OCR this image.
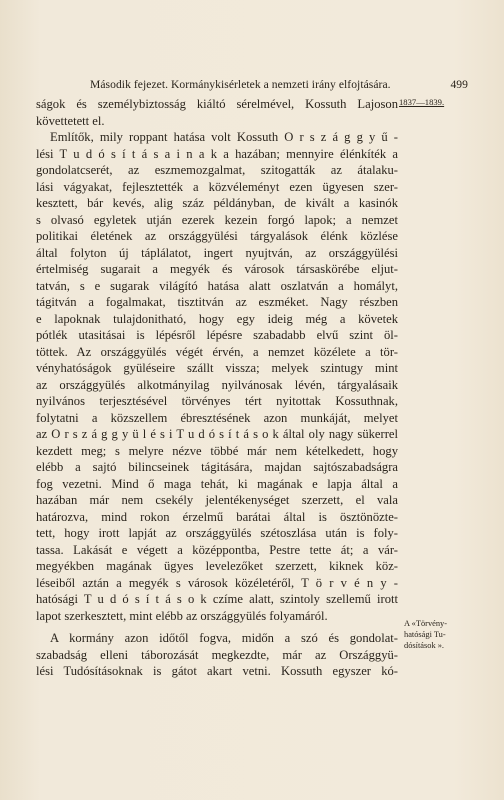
Második fejezet. Kormánykisérletek a nemzeti irány elfojtására.	499
1837—1839.
ságok és személybiztosság kiáltó sérelmével, Kossuth Lajoson
követtetett el.
Említők, mily roppant hatása volt Kossuth O r s z á g g y ű -
lési T u d ó s í t á s a i n a k a hazában; mennyire élénkíték a
gondolatcserét, az eszmemozgalmat, szitogatták az átalaku-
lási vágyakat, fejlesztették a közvéleményt ezen ügyesen szer-
kesztett, bár kevés, alig száz példányban, de kivált a kasinók
s olvasó egyletek utján ezerek kezein forgó lapok; a nemzet
politikai életének az országgyülési tárgyalások élénk közlése
által folyton új táplálatot, ingert nyujtván, az országgyülési
értelmiség sugarait a megyék és városok társaskörébe eljut-
tatván, s e sugarak világító hatása alatt oszlatván a homályt,
tágitván a fogalmakat, tisztitván az eszméket. Nagy részben
e lapoknak tulajdonitható, hogy egy ideig még a követek
pótlék utasitásai is lépésről lépésre szabadabb elvű szint öl-
töttek. Az országgyülés végét érvén, a nemzet közélete a tör-
vényhatóságok gyüléseire szállt vissza; melyek szintugy mint
az országgyülés alkotmányilag nyilvánosak lévén, tárgyalásaik
nyilvános terjesztésével törvényes tért nyitottak Kossuthnak,
folytatni a közszellem ébresztésének azon munkáját, melyet
az O r s z á g g y ü l é s i T u d ó s í t á s o k által oly nagy sükerrel
kezdett meg; s melyre nézve többé már nem kételkedett, hogy
elébb a sajtó bilincseinek tágitására, majdan sajtószabadságra
fog vezetni. Mind ő maga tehát, ki magának e lapja által a
hazában már nem csekély jelentékenységet szerzett, el vala
határozva, mind rokon érzelmű barátai által is ösztönözte-
tett, hogy irott lapját az országgyülés szétoszlása után is foly-
tassa. Lakását e végett a középpontba, Pestre tette át; a vár-
megyékben magának ügyes levelezőket szerzett, kiknek köz-
léseiből aztán a megyék s városok közéletéről, T ö r v é n y -
hatósági T u d ó s í t á s o k czíme alatt, szintoly szellemű irott
lapot szerkesztett, mint elébb az országgyülés folyamáról.
A kormány azon időtől fogva, midőn a szó és gondolat-
szabadság elleni táborozását megkezdte, már az Országgyü-
lési Tudósításoknak is gátot akart vetni. Kossuth egyszer kó-
A «Törvény-
hatósági Tu-
dósítások ».
